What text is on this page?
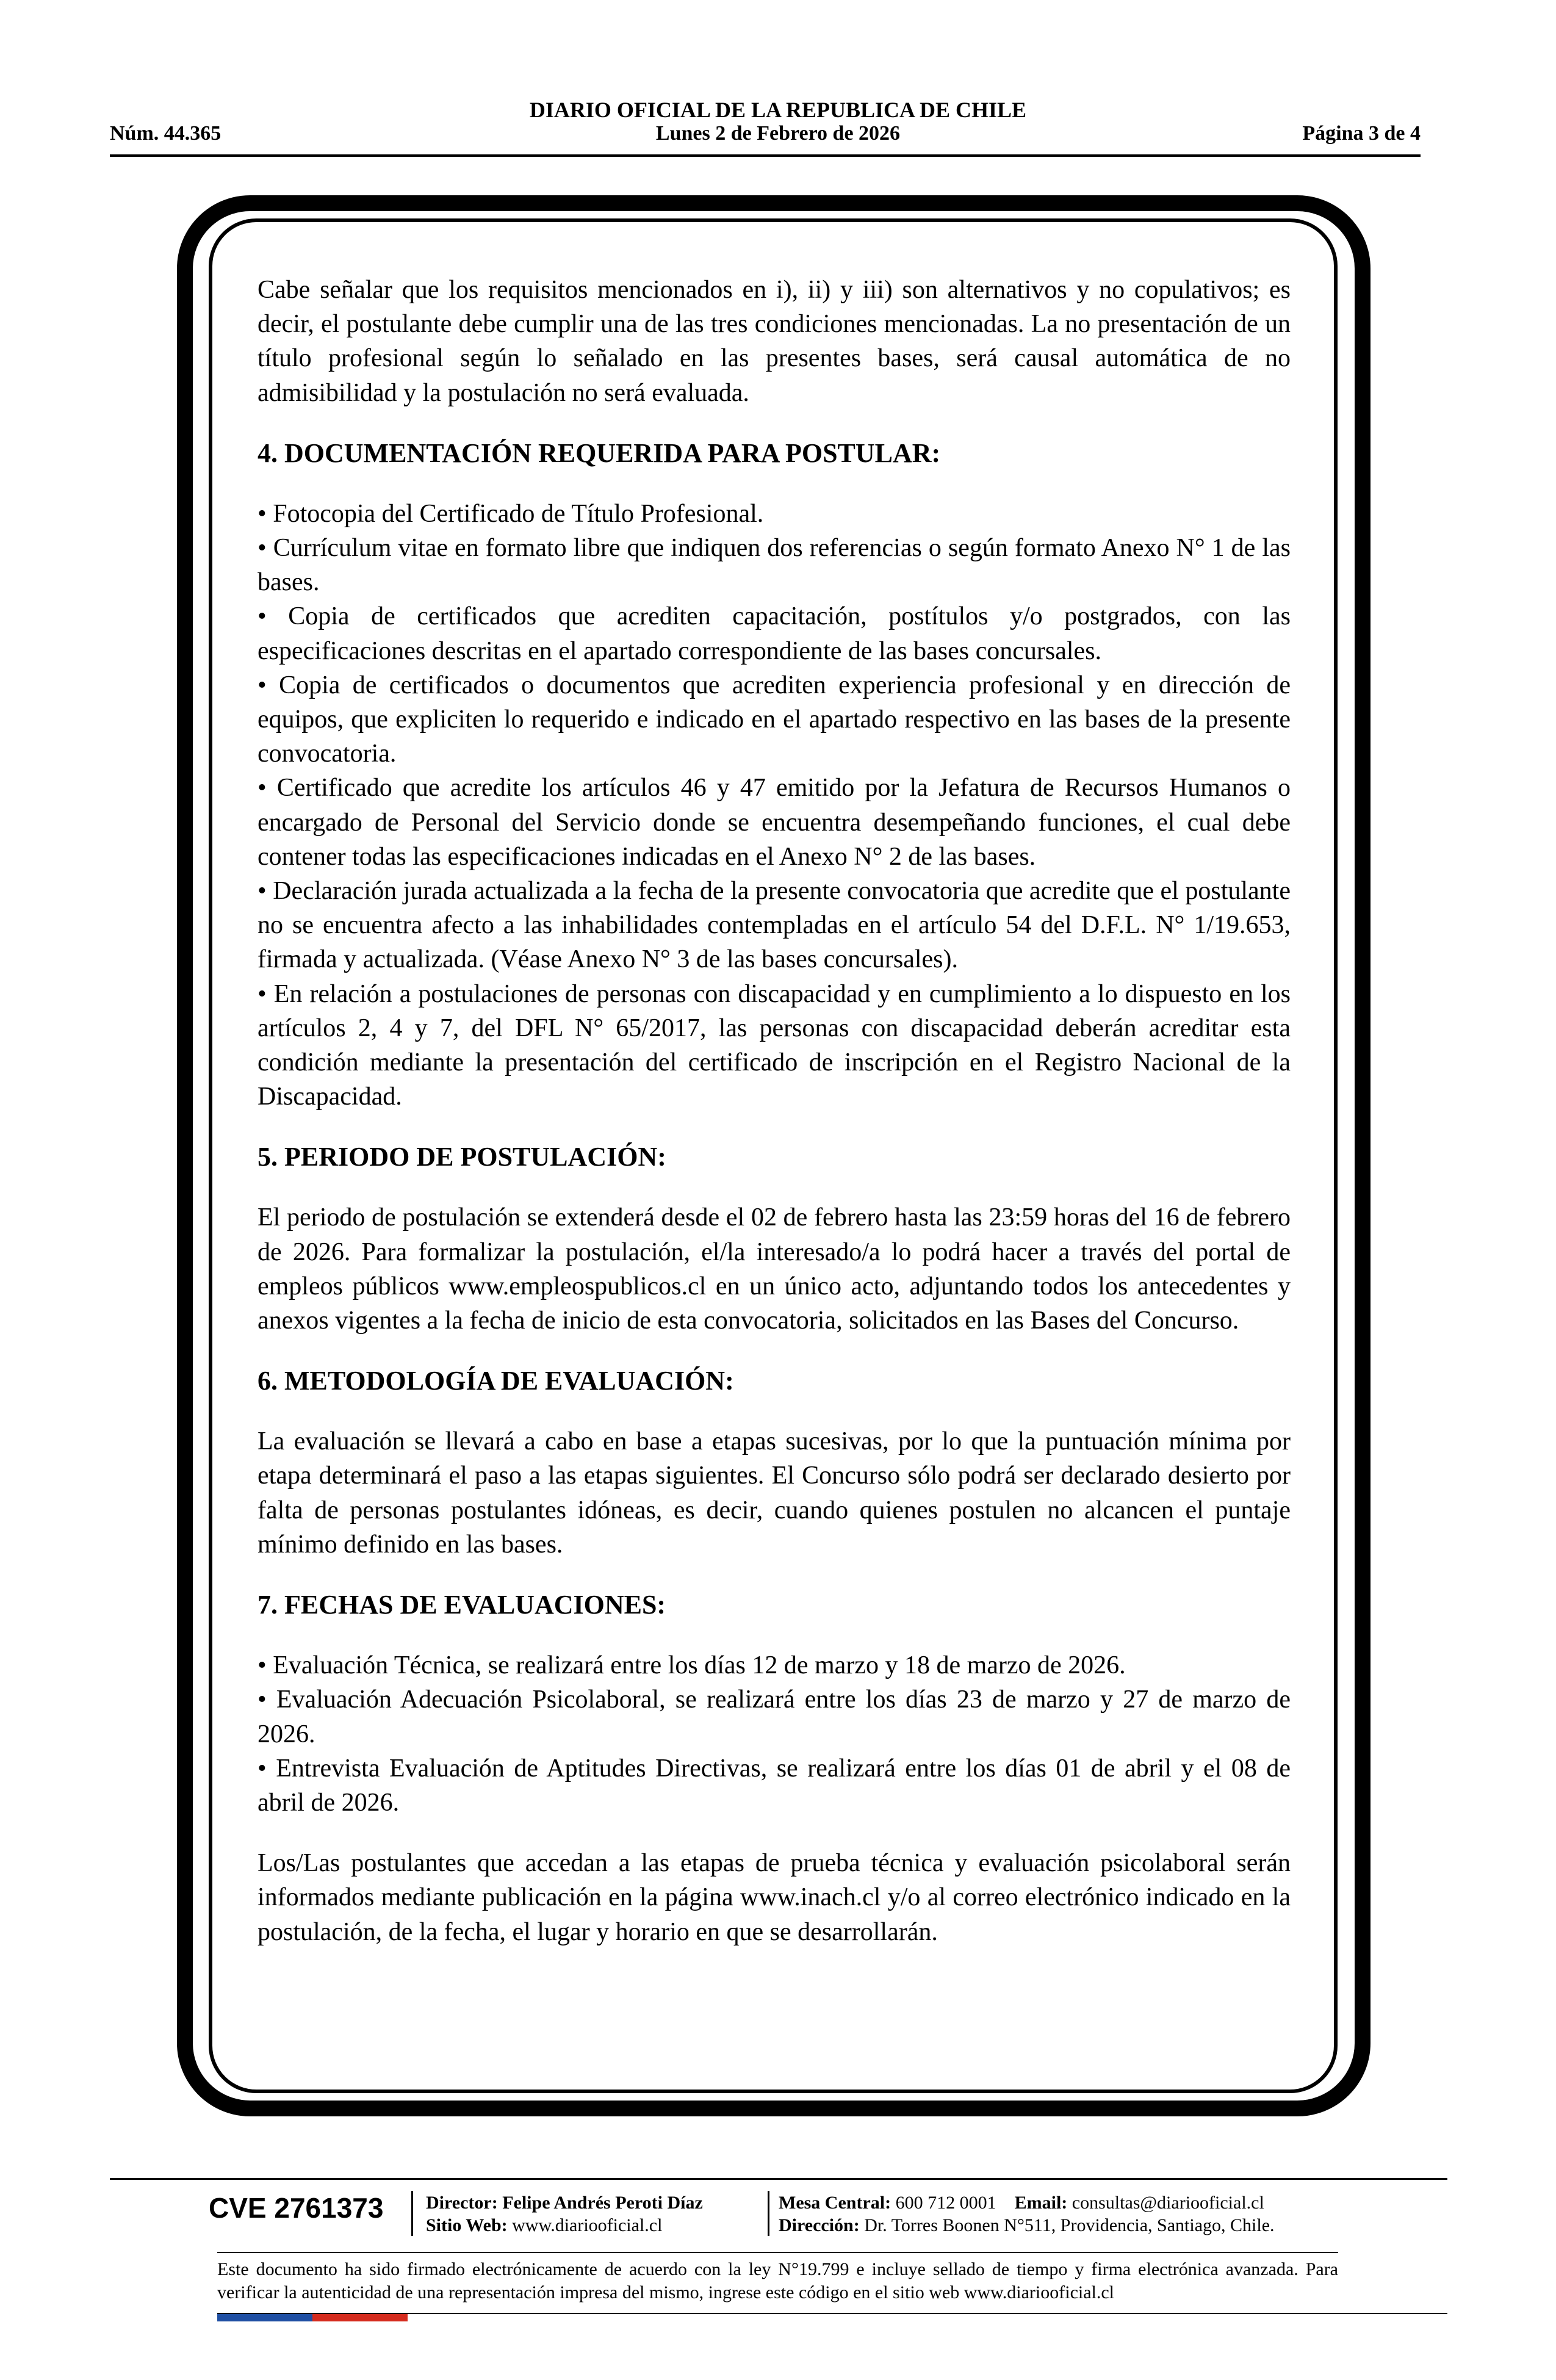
DIARIO OFICIAL DE LA REPUBLICA DE CHILE
Núm. 44.365	Lunes 2 de Febrero de 2026	Página 3 de 4

Cabe señalar que los requisitos mencionados en i), ii) y iii) son alternativos y no copulativos; es decir, el postulante debe cumplir una de las tres condiciones mencionadas. La no presentación de un título profesional según lo señalado en las presentes bases, será causal automática de no admisibilidad y la postulación no será evaluada.

4. DOCUMENTACIÓN REQUERIDA PARA POSTULAR:

• Fotocopia del Certificado de Título Profesional.

• Currículum vitae en formato libre que indiquen dos referencias o según formato Anexo N° 1 de las bases.

• Copia de certificados que acrediten capacitación, postítulos y/o postgrados, con las especificaciones descritas en el apartado correspondiente de las bases concursales.

• Copia de certificados o documentos que acrediten experiencia profesional y en dirección de equipos, que expliciten lo requerido e indicado en el apartado respectivo en las bases de la presente convocatoria.

• Certificado que acredite los artículos 46 y 47 emitido por la Jefatura de Recursos Humanos o encargado de Personal del Servicio donde se encuentra desempeñando funciones, el cual debe contener todas las especificaciones indicadas en el Anexo N° 2 de las bases.

• Declaración jurada actualizada a la fecha de la presente convocatoria que acredite que el postulante no se encuentra afecto a las inhabilidades contempladas en el artículo 54 del D.F.L. N° 1/19.653, firmada y actualizada. (Véase Anexo N° 3 de las bases concursales).

• En relación a postulaciones de personas con discapacidad y en cumplimiento a lo dispuesto en los artículos 2, 4 y 7, del DFL N° 65/2017, las personas con discapacidad deberán acreditar esta condición mediante la presentación del certificado de inscripción en el Registro Nacional de la Discapacidad.

5. PERIODO DE POSTULACIÓN:

El periodo de postulación se extenderá desde el 02 de febrero hasta las 23:59 horas del 16 de febrero de 2026. Para formalizar la postulación, el/la interesado/a lo podrá hacer a través del portal de empleos públicos www.empleospublicos.cl en un único acto, adjuntando todos los antecedentes y anexos vigentes a la fecha de inicio de esta convocatoria, solicitados en las Bases del Concurso.

6. METODOLOGÍA DE EVALUACIÓN:

La evaluación se llevará a cabo en base a etapas sucesivas, por lo que la puntuación mínima por etapa determinará el paso a las etapas siguientes. El Concurso sólo podrá ser declarado desierto por falta de personas postulantes idóneas, es decir, cuando quienes postulen no alcancen el puntaje mínimo definido en las bases.

7. FECHAS DE EVALUACIONES:

• Evaluación Técnica, se realizará entre los días 12 de marzo y 18 de marzo de 2026.

• Evaluación Adecuación Psicolaboral, se realizará entre los días 23 de marzo y 27 de marzo de 2026.

• Entrevista Evaluación de Aptitudes Directivas, se realizará entre los días 01 de abril y el 08 de abril de 2026.

Los/Las postulantes que accedan a las etapas de prueba técnica y evaluación psicolaboral serán informados mediante publicación en la página www.inach.cl y/o al correo electrónico indicado en la postulación, de la fecha, el lugar y horario en que se desarrollarán.

CVE 2761373 Director: Felipe Andrés Peroti Díaz
Sitio Web: www.diariooficial.cl
Mesa Central: 600 712 0001 Email: consultas@diariooficial.cl
Dirección: Dr. Torres Boonen N°511, Providencia, Santiago, Chile.
Este documento ha sido firmado electrónicamente de acuerdo con la ley N°19.799 e incluye sellado de tiempo y firma electrónica avanzada. Para verificar la autenticidad de una representación impresa del mismo, ingrese este código en el sitio web www.diariooficial.cl
